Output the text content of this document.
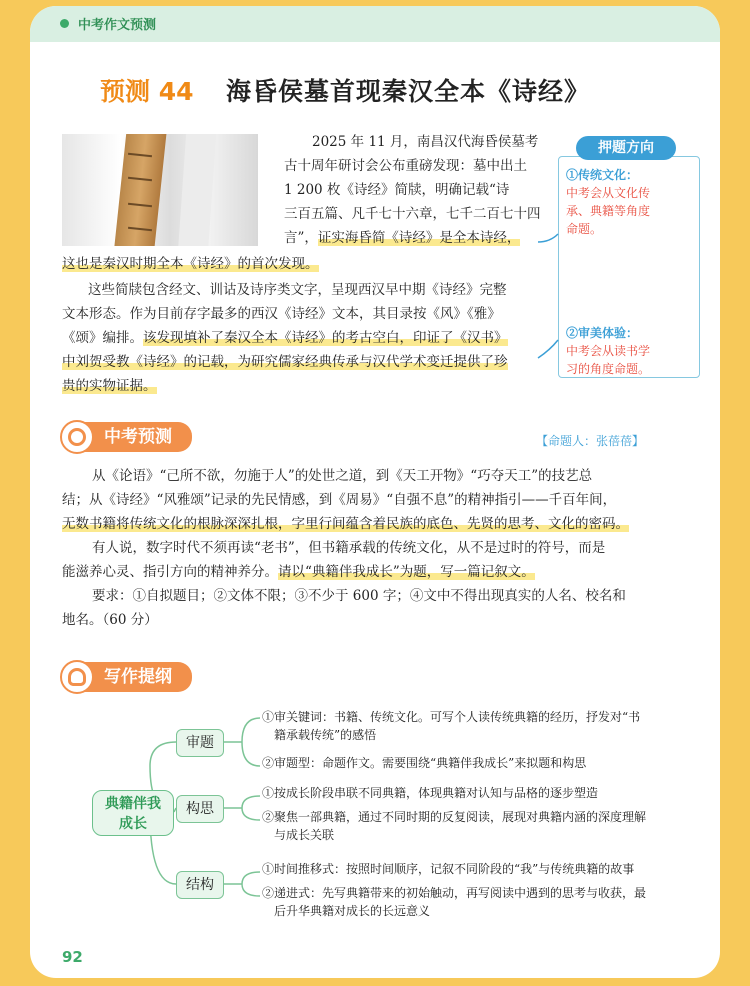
中考作文预测
预测 44 海昏侯墓首现秦汉全本《诗经》
2025 年 11 月，南昌汉代海昏侯墓考
古十周年研讨会公布重磅发现：墓中出土
1 200 枚《诗经》简牍，明确记载“诗
三百五篇、凡千七十六章，七千二百七十四
言”，证实海昏简《诗经》是全本诗经，
这也是秦汉时期全本《诗经》的首次发现。
这些简牍包含经文、训诂及诗序类文字，呈现西汉早中期《诗经》完整
文本形态。作为目前存字最多的西汉《诗经》文本，其目录按《风》《雅》
《颂》编排。该发现填补了秦汉全本《诗经》的考古空白，印证了《汉书》
中刘贺受教《诗经》的记载，为研究儒家经典传承与汉代学术变迁提供了珍
贵的实物证据。
押题方向
①传统文化：
中考会从文化传
承、典籍等角度
命题。
②审美体验：
中考会从读书学
习的角度命题。
中考预测	【命题人：张蓓蓓】
从《论语》“己所不欲，勿施于人”的处世之道，到《天工开物》“巧夺天工”的技艺总
结；从《诗经》“风雅颂”记录的先民情感，到《周易》“自强不息”的精神指引——千百年间，
无数书籍将传统文化的根脉深深扎根，字里行间蕴含着民族的底色、先贤的思考、文化的密码。
有人说，数字时代不须再读“老书”，但书籍承载的传统文化，从不是过时的符号，而是
能滋养心灵、指引方向的精神养分。请以“典籍伴我成长”为题，写一篇记叙文。
要求：①自拟题目；②文体不限；③不少于 600 字；④文中不得出现真实的人名、校名和
地名。（60 分）
写作提纲
典籍伴我
成长
审题
构思
结构
①审关键词：书籍、传统文化。可写个人读传统典籍的经历，抒发对“书
籍承载传统”的感悟
②审题型：命题作文。需要围绕“典籍伴我成长”来拟题和构思
①按成长阶段串联不同典籍，体现典籍对认知与品格的逐步塑造
②聚焦一部典籍，通过不同时期的反复阅读，展现对典籍内涵的深度理解
与成长关联
①时间推移式：按照时间顺序，记叙不同阶段的“我”与传统典籍的故事
②递进式：先写典籍带来的初始触动，再写阅读中遇到的思考与收获，最
后升华典籍对成长的长远意义
92
